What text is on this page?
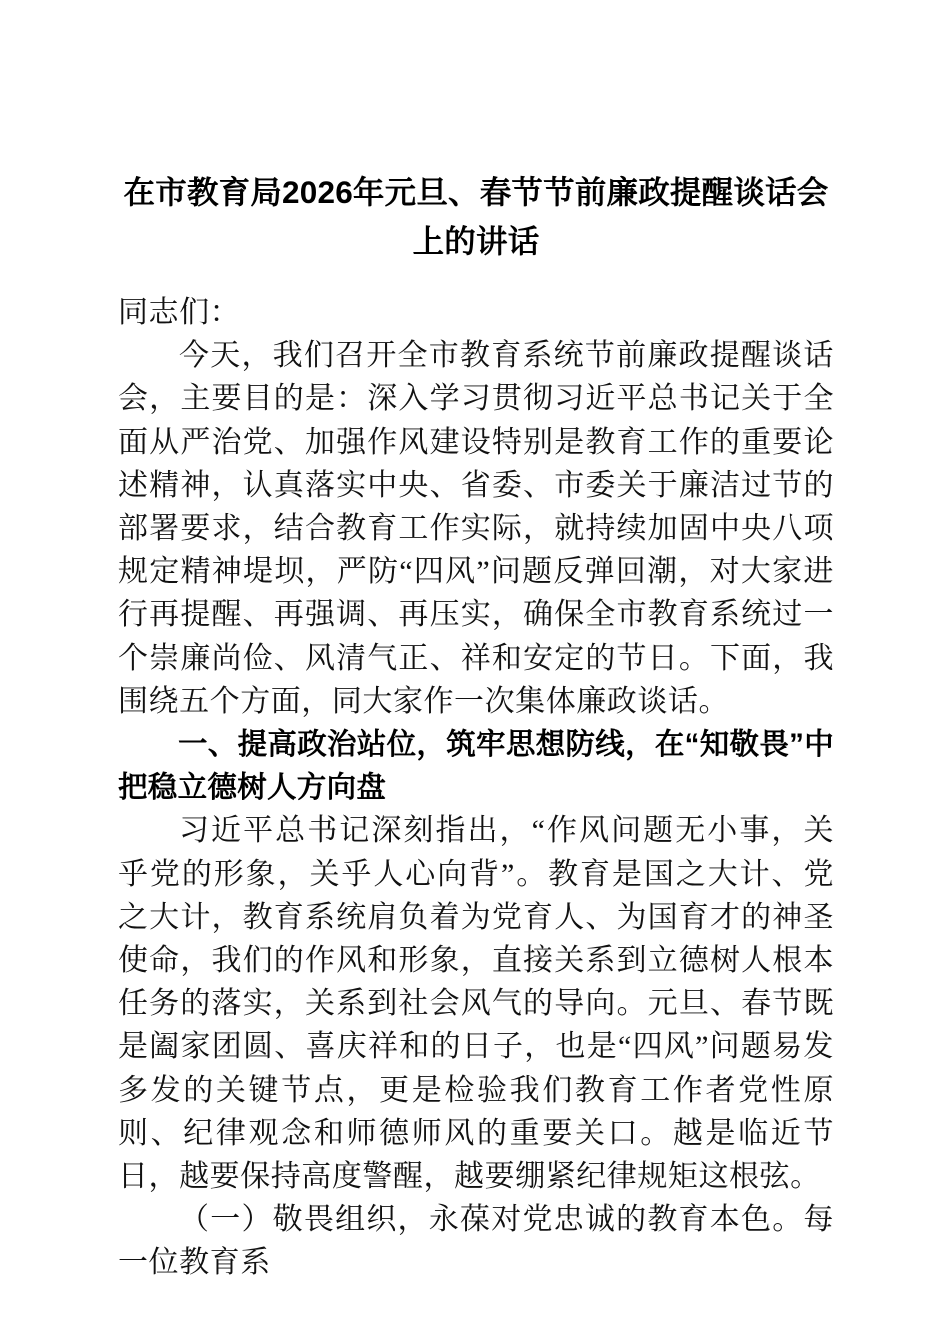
在市教育局2026年元旦、春节节前廉政提醒谈话会上的讲话

同志们：

今天，我们召开全市教育系统节前廉政提醒谈话会，主要目的是：深入学习贯彻习近平总书记关于全面从严治党、加强作风建设特别是教育工作的重要论述精神，认真落实中央、省委、市委关于廉洁过节的部署要求，结合教育工作实际，就持续加固中央八项规定精神堤坝，严防“四风”问题反弹回潮，对大家进行再提醒、再强调、再压实，确保全市教育系统过一个崇廉尚俭、风清气正、祥和安定的节日。下面，我围绕五个方面，同大家作一次集体廉政谈话。

一、提高政治站位，筑牢思想防线，在“知敬畏”中把稳立德树人方向盘

习近平总书记深刻指出，“作风问题无小事，关乎党的形象，关乎人心向背”。教育是国之大计、党之大计，教育系统肩负着为党育人、为国育才的神圣使命，我们的作风和形象，直接关系到立德树人根本任务的落实，关系到社会风气的导向。元旦、春节既是阖家团圆、喜庆祥和的日子，也是“四风”问题易发多发的关键节点，更是检验我们教育工作者党性原则、纪律观念和师德师风的重要关口。越是临近节日，越要保持高度警醒，越要绷紧纪律规矩这根弦。

（一）敬畏组织，永葆对党忠诚的教育本色。每一位教育系
